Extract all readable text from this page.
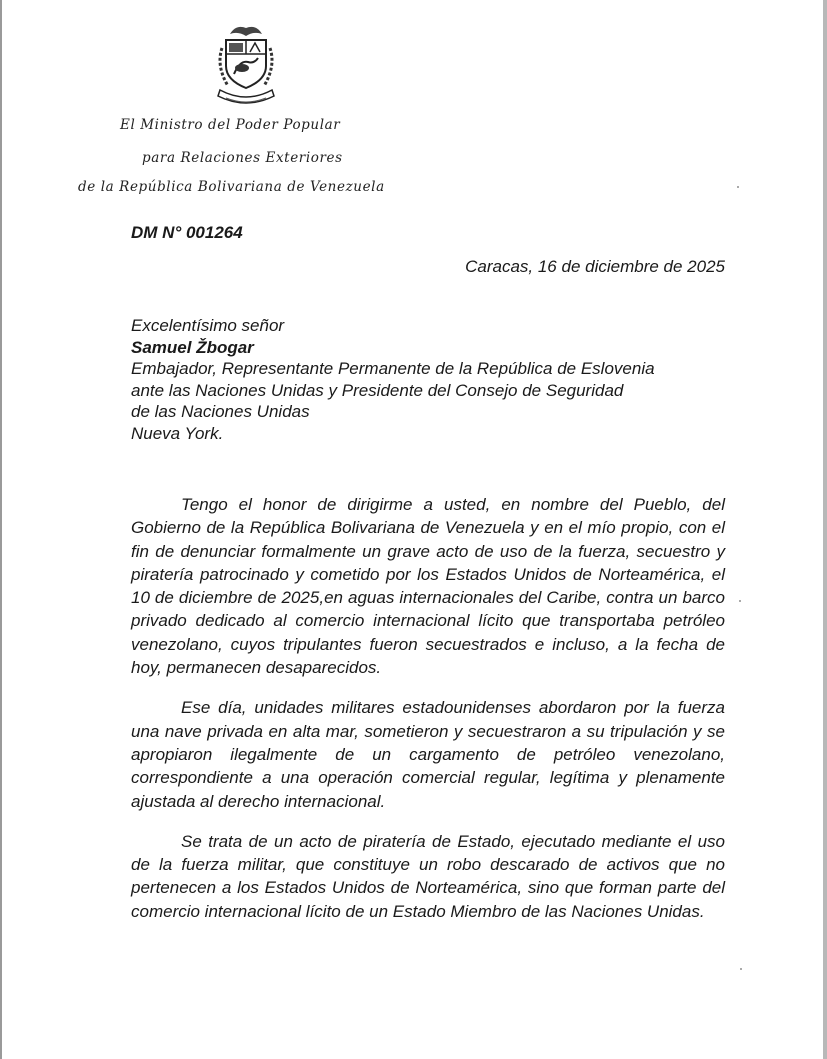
El Ministro del Poder Popular
para Relaciones Exteriores
de la República Bolivariana de Venezuela
DM N° 001264
Caracas, 16 de diciembre de 2025
Excelentísimo señor
Samuel Žbogar
Embajador, Representante Permanente de la República de Eslovenia
ante las Naciones Unidas y Presidente del Consejo de Seguridad
de las Naciones Unidas
Nueva York.

Tengo el honor de dirigirme a usted, en nombre del Pueblo, del Gobierno de la República Bolivariana de Venezuela y en el mío propio, con el fin de denunciar formalmente un grave acto de uso de la fuerza, secuestro y piratería patrocinado y cometido por los Estados Unidos de Norteamérica, el 10 de diciembre de 2025,en aguas internacionales del Caribe, contra un barco privado dedicado al comercio internacional lícito que transportaba petróleo venezolano, cuyos tripulantes fueron secuestrados e incluso, a la fecha de hoy, permanecen desaparecidos.

Ese día, unidades militares estadounidenses abordaron por la fuerza una nave privada en alta mar, sometieron y secuestraron a su tripulación y se apropiaron ilegalmente de un cargamento de petróleo venezolano, correspondiente a una operación comercial regular, legítima y plenamente ajustada al derecho internacional.

Se trata de un acto de piratería de Estado, ejecutado mediante el uso de la fuerza militar, que constituye un robo descarado de activos que no pertenecen a los Estados Unidos de Norteamérica, sino que forman parte del comercio internacional lícito de un Estado Miembro de las Naciones Unidas.
